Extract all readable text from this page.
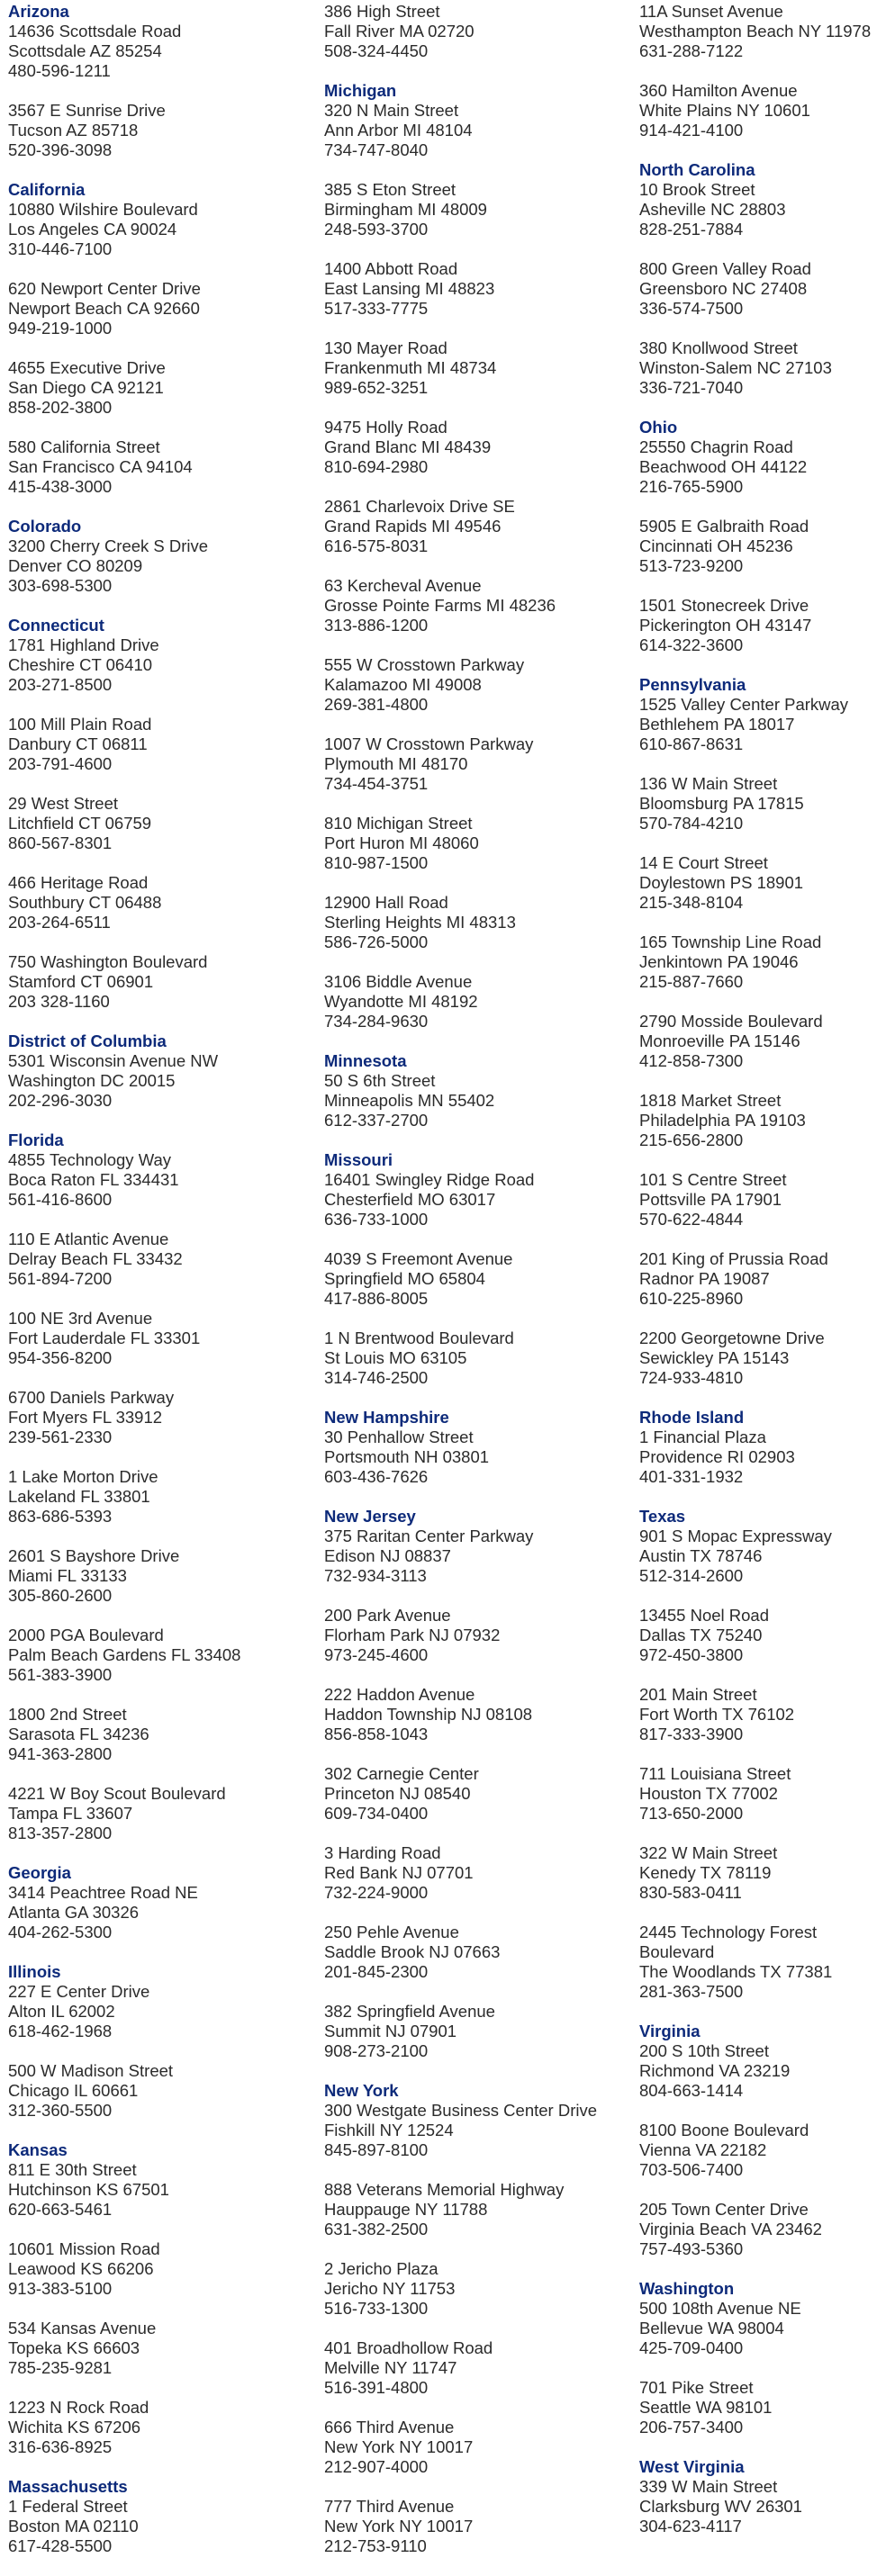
Arizona
14636 Scottsdale Road
Scottsdale AZ 85254
480-596-1211
3567 E Sunrise Drive
Tucson AZ 85718
520-396-3098
California
10880 Wilshire Boulevard
Los Angeles CA 90024
310-446-7100
620 Newport Center Drive
Newport Beach CA 92660
949-219-1000
4655 Executive Drive
San Diego CA 92121
858-202-3800
580 California Street
San Francisco CA 94104
415-438-3000
Colorado
3200 Cherry Creek S Drive
Denver CO 80209
303-698-5300
Connecticut
1781 Highland Drive
Cheshire CT 06410
203-271-8500
100 Mill Plain Road
Danbury CT 06811
203-791-4600
29 West Street
Litchfield CT 06759
860-567-8301
466 Heritage Road
Southbury CT 06488
203-264-6511
750 Washington Boulevard
Stamford CT 06901
203 328-1160
District of Columbia
5301 Wisconsin Avenue NW
Washington DC 20015
202-296-3030
Florida
4855 Technology Way
Boca Raton FL 334431
561-416-8600
110 E Atlantic Avenue
Delray Beach FL 33432
561-894-7200
100 NE 3rd Avenue
Fort Lauderdale FL 33301
954-356-8200
6700 Daniels Parkway
Fort Myers FL 33912
239-561-2330
1 Lake Morton Drive
Lakeland FL 33801
863-686-5393
2601 S Bayshore Drive
Miami FL 33133
305-860-2600
2000 PGA Boulevard
Palm Beach Gardens FL 33408
561-383-3900
1800 2nd Street
Sarasota FL 34236
941-363-2800
4221 W Boy Scout Boulevard
Tampa FL 33607
813-357-2800
Georgia
3414 Peachtree Road NE
Atlanta GA 30326
404-262-5300
Illinois
227 E Center Drive
Alton IL 62002
618-462-1968
500 W Madison Street
Chicago IL 60661
312-360-5500
Kansas
811 E 30th Street
Hutchinson KS 67501
620-663-5461
10601 Mission Road
Leawood KS 66206
913-383-5100
534 Kansas Avenue
Topeka KS 66603
785-235-9281
1223 N Rock Road
Wichita KS 67206
316-636-8925
Massachusetts
1 Federal Street
Boston MA 02110
617-428-5500
386 High Street
Fall River MA 02720
508-324-4450
Michigan
320 N Main Street
Ann Arbor MI 48104
734-747-8040
385 S Eton Street
Birmingham MI 48009
248-593-3700
1400 Abbott Road
East Lansing MI 48823
517-333-7775
130 Mayer Road
Frankenmuth MI 48734
989-652-3251
9475 Holly Road
Grand Blanc MI 48439
810-694-2980
2861 Charlevoix Drive SE
Grand Rapids MI 49546
616-575-8031
63 Kercheval Avenue
Grosse Pointe Farms MI 48236
313-886-1200
555 W Crosstown Parkway
Kalamazoo MI 49008
269-381-4800
1007 W Crosstown Parkway
Plymouth MI 48170
734-454-3751
810 Michigan Street
Port Huron MI 48060
810-987-1500
12900 Hall Road
Sterling Heights MI 48313
586-726-5000
3106 Biddle Avenue
Wyandotte MI 48192
734-284-9630
Minnesota
50 S 6th Street
Minneapolis MN 55402
612-337-2700
Missouri
16401 Swingley Ridge Road
Chesterfield MO 63017
636-733-1000
4039 S Freemont Avenue
Springfield MO 65804
417-886-8005
1 N Brentwood Boulevard
St Louis MO 63105
314-746-2500
New Hampshire
30 Penhallow Street
Portsmouth NH 03801
603-436-7626
New Jersey
375 Raritan Center Parkway
Edison NJ 08837
732-934-3113
200 Park Avenue
Florham Park NJ 07932
973-245-4600
222 Haddon Avenue
Haddon Township NJ 08108
856-858-1043
302 Carnegie Center
Princeton NJ 08540
609-734-0400
3 Harding Road
Red Bank NJ 07701
732-224-9000
250 Pehle Avenue
Saddle Brook NJ 07663
201-845-2300
382 Springfield Avenue
Summit NJ 07901
908-273-2100
New York
300 Westgate Business Center Drive
Fishkill NY 12524
845-897-8100
888 Veterans Memorial Highway
Hauppauge NY 11788
631-382-2500
2 Jericho Plaza
Jericho NY 11753
516-733-1300
401 Broadhollow Road
Melville NY 11747
516-391-4800
666 Third Avenue
New York NY 10017
212-907-4000
777 Third Avenue
New York NY 10017
212-753-9110
11A Sunset Avenue
Westhampton Beach NY 11978
631-288-7122
360 Hamilton Avenue
White Plains NY 10601
914-421-4100
North Carolina
10 Brook Street
Asheville NC 28803
828-251-7884
800 Green Valley Road
Greensboro NC 27408
336-574-7500
380 Knollwood Street
Winston-Salem NC 27103
336-721-7040
Ohio
25550 Chagrin Road
Beachwood OH 44122
216-765-5900
5905 E Galbraith Road
Cincinnati OH 45236
513-723-9200
1501 Stonecreek Drive
Pickerington OH 43147
614-322-3600
Pennsylvania
1525 Valley Center Parkway
Bethlehem PA 18017
610-867-8631
136 W Main Street
Bloomsburg PA 17815
570-784-4210
14 E Court Street
Doylestown PS 18901
215-348-8104
165 Township Line Road
Jenkintown PA 19046
215-887-7660
2790 Mosside Boulevard
Monroeville PA 15146
412-858-7300
1818 Market Street
Philadelphia PA 19103
215-656-2800
101 S Centre Street
Pottsville PA 17901
570-622-4844
201 King of Prussia Road
Radnor PA 19087
610-225-8960
2200 Georgetowne Drive
Sewickley PA 15143
724-933-4810
Rhode Island
1 Financial Plaza
Providence RI 02903
401-331-1932
Texas
901 S Mopac Expressway
Austin TX 78746
512-314-2600
13455 Noel Road
Dallas TX 75240
972-450-3800
201 Main Street
Fort Worth TX 76102
817-333-3900
711 Louisiana Street
Houston TX 77002
713-650-2000
322 W Main Street
Kenedy TX 78119
830-583-0411
2445 Technology Forest
Boulevard
The Woodlands TX 77381
281-363-7500
Virginia
200 S 10th Street
Richmond VA 23219
804-663-1414
8100 Boone Boulevard
Vienna VA 22182
703-506-7400
205 Town Center Drive
Virginia Beach VA 23462
757-493-5360
Washington
500 108th Avenue NE
Bellevue WA 98004
425-709-0400
701 Pike Street
Seattle WA 98101
206-757-3400
West Virginia
339 W Main Street
Clarksburg WV 26301
304-623-4117
